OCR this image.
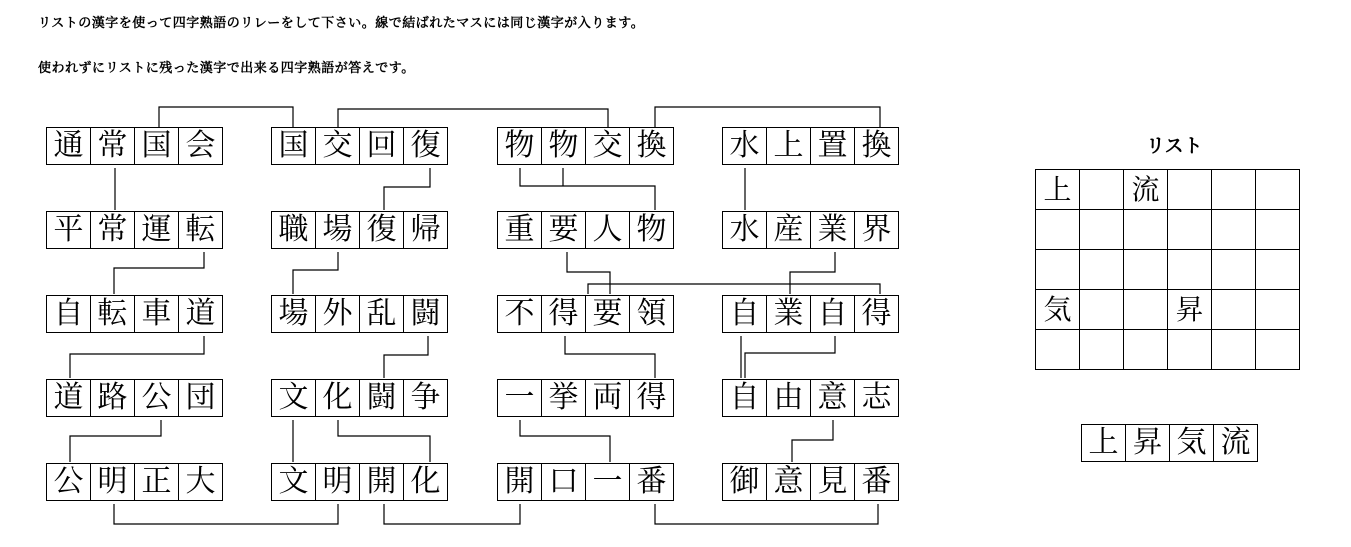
リストの漢字を使って四字熟語のリレーをして下さい。線で結ばれたマスには同じ漢字が入ります。
使われずにリストに残った漢字で出来る四字熟語が答えです。
通 常 国 会
平 常 運 転
自 転 車 道
道 路 公 団
公 明 正 大
国 交 回 復
職 場 復 帰
場 外 乱 闘
文 化 闘 争
文 明 開 化
物 物 交 換
重 要 人 物
不 得 要 領
一 挙 両 得
開 口 一 番
水 上 置 換
水 産 業 界
自 業 自 得
自 由 意 志
御 意 見 番
リスト
上		流			

気			昇		

上 昇 気 流
